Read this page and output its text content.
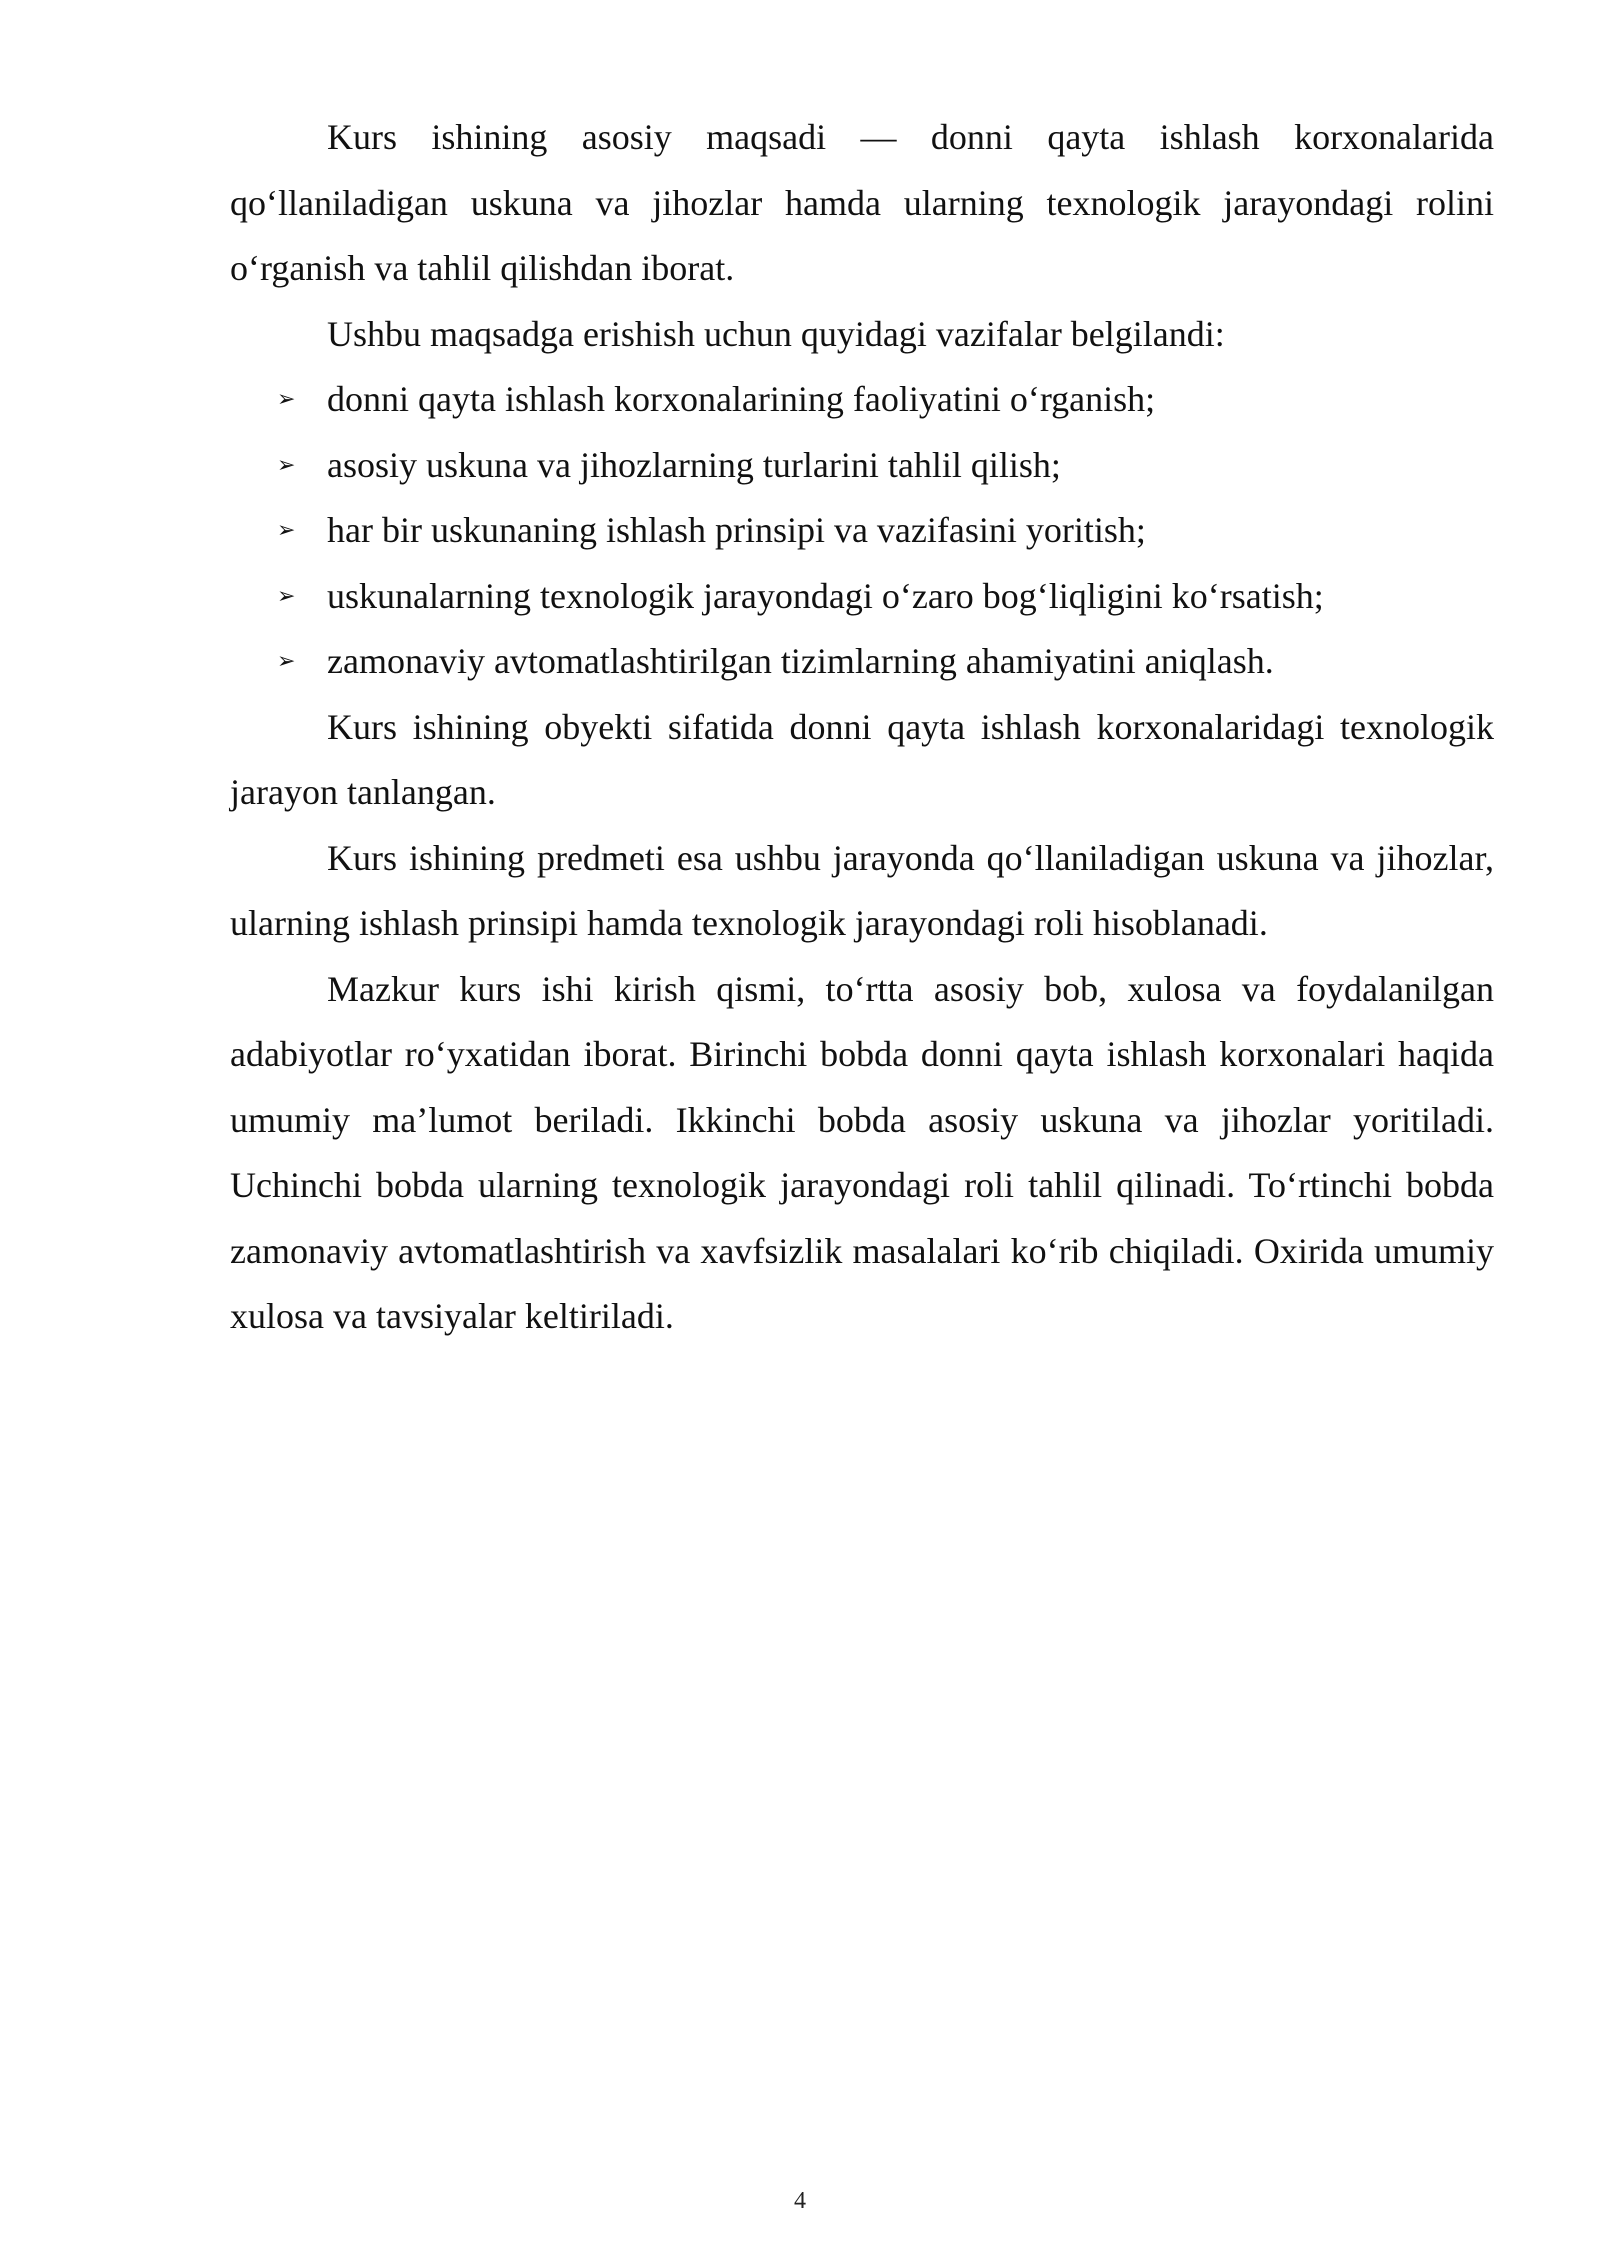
Kurs ishining asosiy maqsadi — donni qayta ishlash korxonalarida qo‘llaniladigan uskuna va jihozlar hamda ularning texnologik jarayondagi rolini o‘rganish va tahlil qilishdan iborat.

Ushbu maqsadga erishish uchun quyidagi vazifalar belgilandi:

➢ donni qayta ishlash korxonalarining faoliyatini o‘rganish;
➢ asosiy uskuna va jihozlarning turlarini tahlil qilish;
➢ har bir uskunaning ishlash prinsipi va vazifasini yoritish;
➢ uskunalarning texnologik jarayondagi o‘zaro bog‘liqligini ko‘rsatish;
➢ zamonaviy avtomatlashtirilgan tizimlarning ahamiyatini aniqlash.

Kurs ishining obyekti sifatida donni qayta ishlash korxonalaridagi texnologik jarayon tanlangan.

Kurs ishining predmeti esa ushbu jarayonda qo‘llaniladigan uskuna va jihozlar, ularning ishlash prinsipi hamda texnologik jarayondagi roli hisoblanadi.

Mazkur kurs ishi kirish qismi, to‘rtta asosiy bob, xulosa va foydalanilgan adabiyotlar ro‘yxatidan iborat. Birinchi bobda donni qayta ishlash korxonalari haqida umumiy ma’lumot beriladi. Ikkinchi bobda asosiy uskuna va jihozlar yoritiladi. Uchinchi bobda ularning texnologik jarayondagi roli tahlil qilinadi. To‘rtinchi bobda zamonaviy avtomatlashtirish va xavfsizlik masalalari ko‘rib chiqiladi. Oxirida umumiy xulosa va tavsiyalar keltiriladi.

4
